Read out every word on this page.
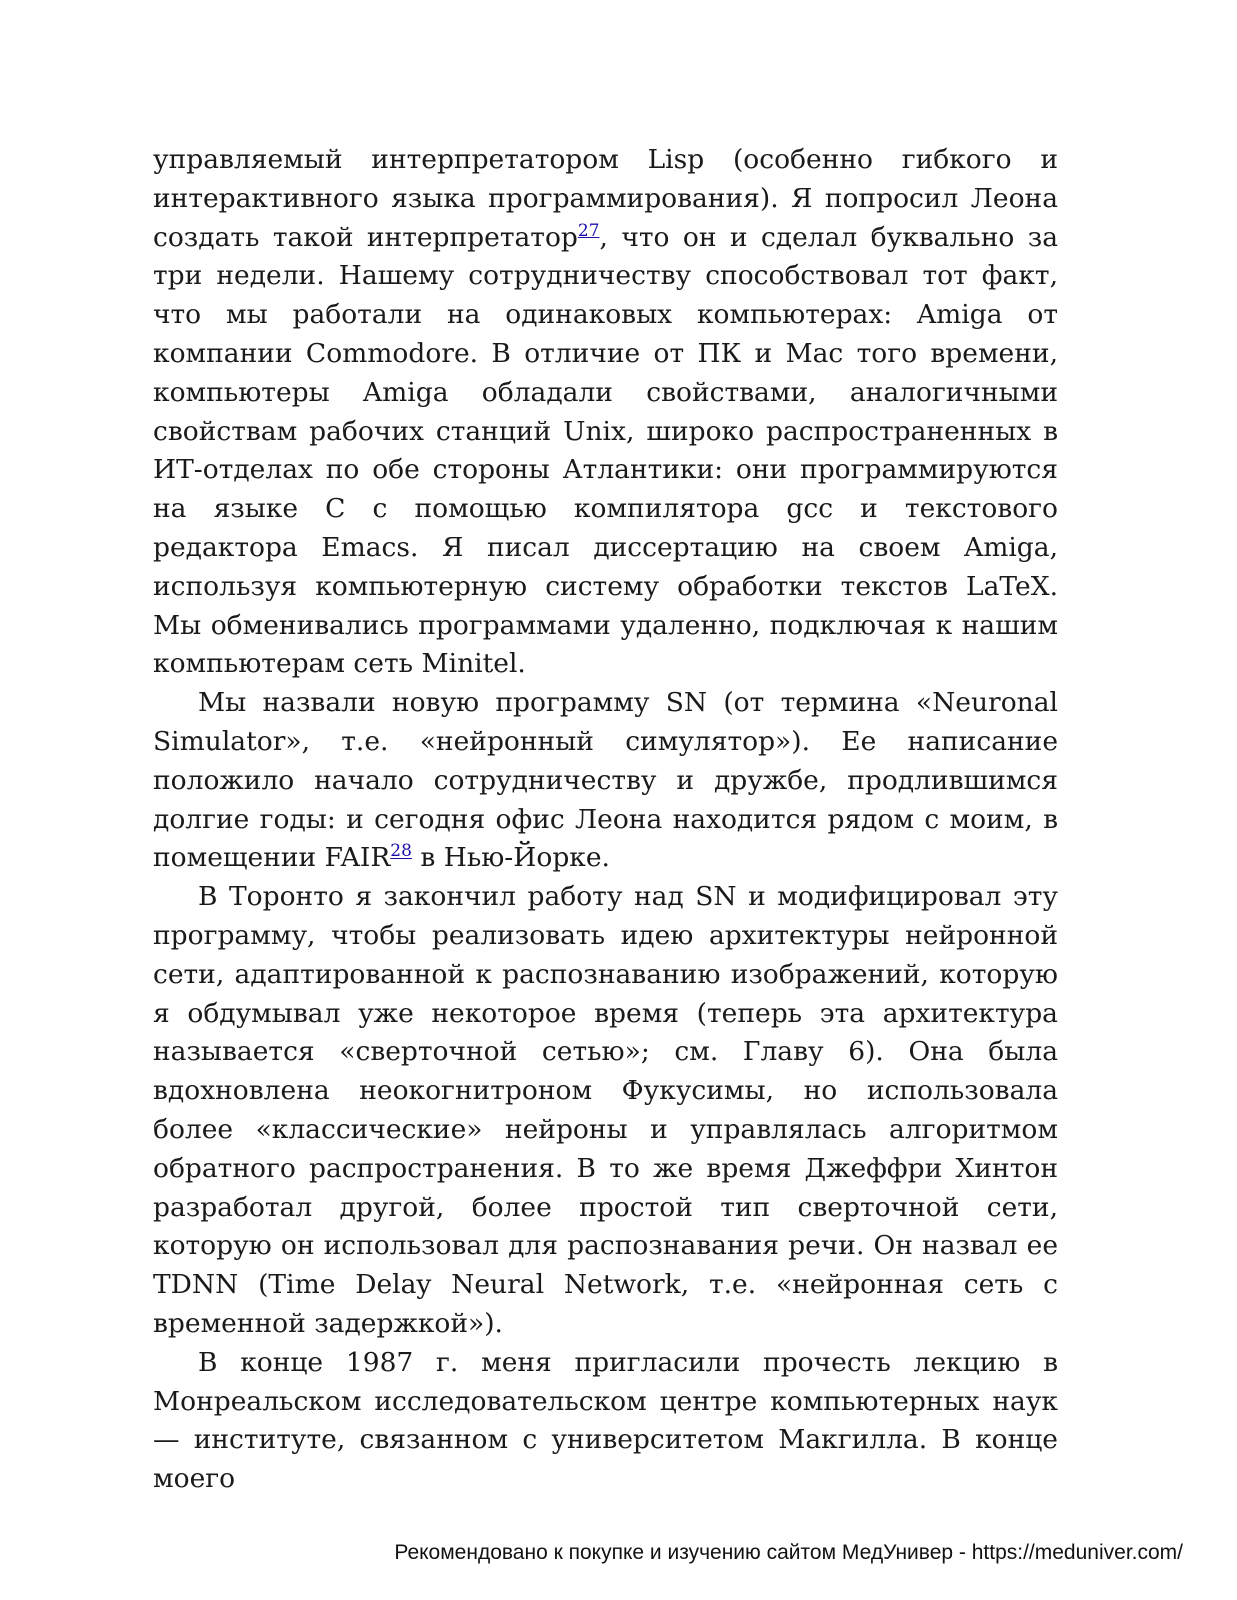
управляемый интерпретатором Lisp (особенно гибкого и интерактивного языка программирования). Я попросил Леона создать такой интерпретатор$^{27}$, что он и сделал буквально за три недели. Нашему сотрудничеству способствовал тот факт, что мы работали на одинаковых компьютерах: Amiga от компании Commodore. В отличие от ПК и Mac того времени, компьютеры Amiga обладали свойствами, аналогичными свойствам рабочих станций Unix, широко распространенных в ИТ-отделах по обе стороны Атлантики: они программируются на языке C с помощью компилятора gcc и текстового редактора Emacs. Я писал диссертацию на своем Amiga, используя компьютерную систему обработки текстов LaTeX. Мы обменивались программами удаленно, подключая к нашим компьютерам сеть Minitel.

Мы назвали новую программу SN (от термина «Neuronal Simulator», т.е. «нейронный симулятор»). Ее написание положило начало сотрудничеству и дружбе, продлившимся долгие годы: и сегодня офис Леона находится рядом с моим, в помещении FAIR$^{28}$ в Нью-Йорке.

В Торонто я закончил работу над SN и модифицировал эту программу, чтобы реализовать идею архитектуры нейронной сети, адаптированной к распознаванию изображений, которую я обдумывал уже некоторое время (теперь эта архитектура называется «сверточной сетью»; см. Главу 6). Она была вдохновлена неокогнитроном Фукусимы, но использовала более «классические» нейроны и управлялась алгоритмом обратного распространения. В то же время Джеффри Хинтон разработал другой, более простой тип сверточной сети, которую он использовал для распознавания речи. Он назвал ее TDNN (Time Delay Neural Network, т.е. «нейронная сеть с временной задержкой»).

В конце 1987 г. меня пригласили прочесть лекцию в Монреальском исследовательском центре компьютерных наук — институте, связанном с университетом Макгилла. В конце моего

Рекомендовано к покупке и изучению сайтом МедУнивер - https://meduniver.com/
